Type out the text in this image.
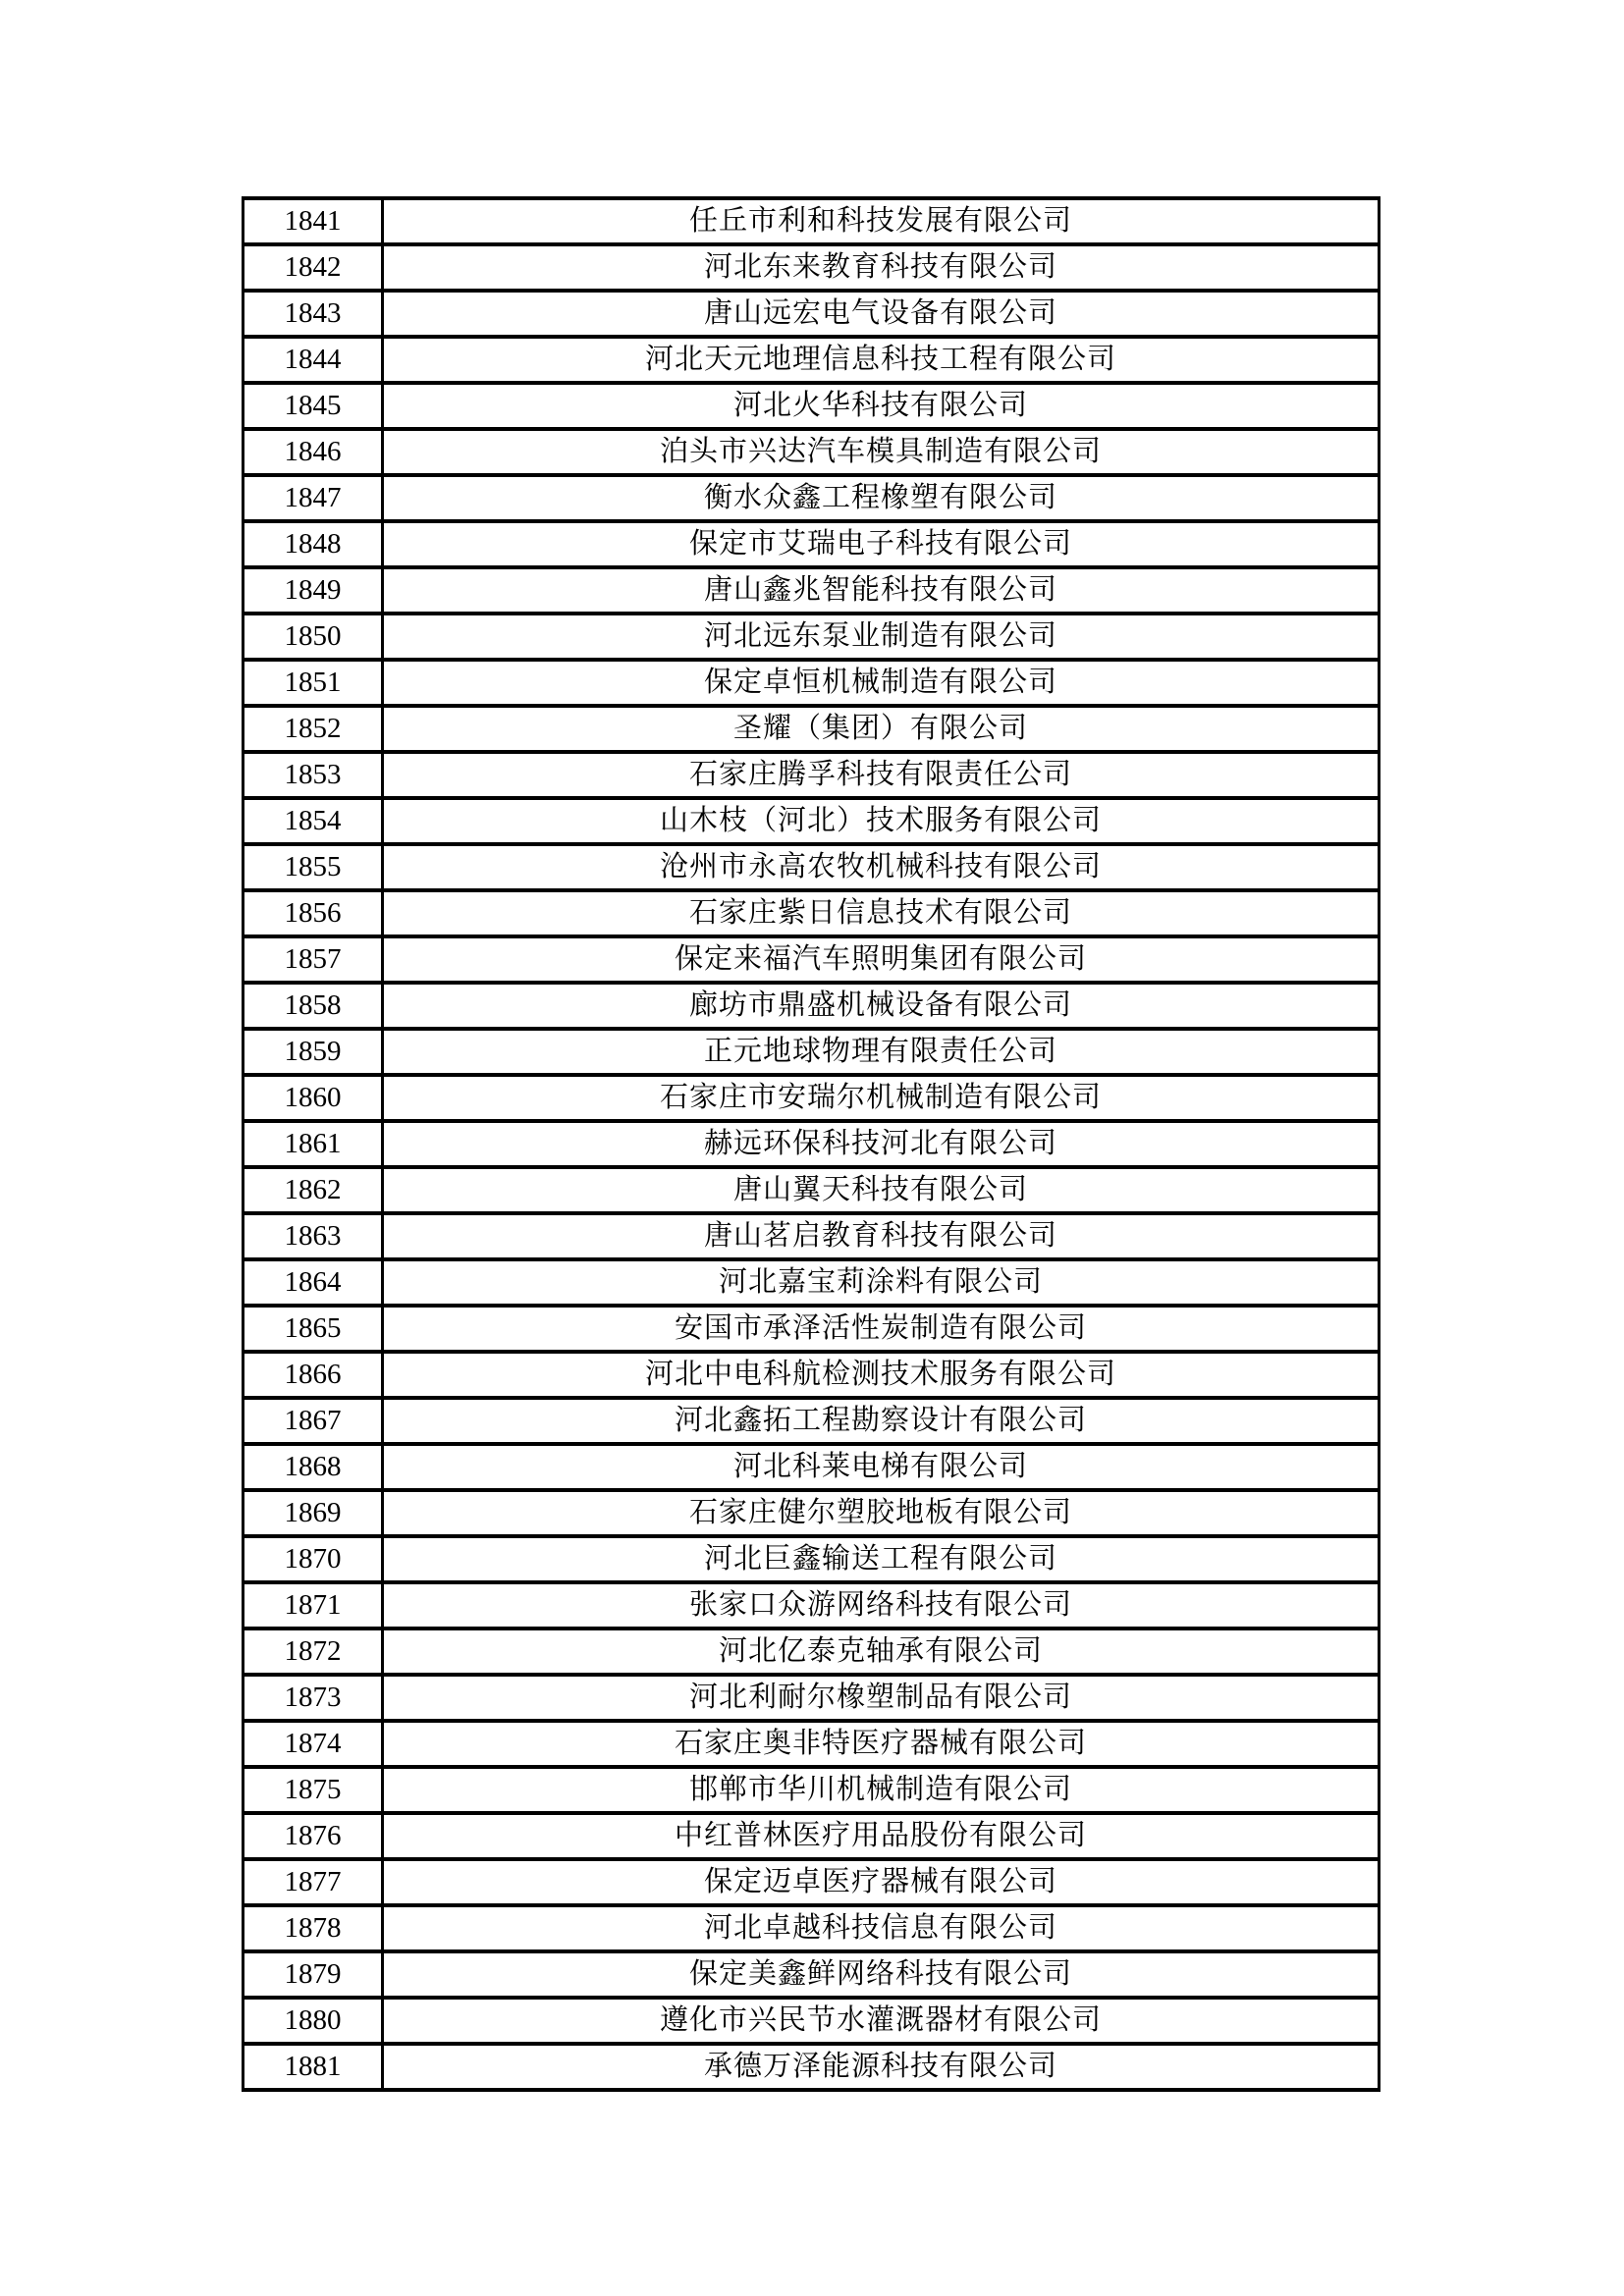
1841	任丘市利和科技发展有限公司
1842	河北东来教育科技有限公司
1843	唐山远宏电气设备有限公司
1844	河北天元地理信息科技工程有限公司
1845	河北火华科技有限公司
1846	泊头市兴达汽车模具制造有限公司
1847	衡水众鑫工程橡塑有限公司
1848	保定市艾瑞电子科技有限公司
1849	唐山鑫兆智能科技有限公司
1850	河北远东泵业制造有限公司
1851	保定卓恒机械制造有限公司
1852	圣耀（集团）有限公司
1853	石家庄腾孚科技有限责任公司
1854	山木枝（河北）技术服务有限公司
1855	沧州市永高农牧机械科技有限公司
1856	石家庄紫日信息技术有限公司
1857	保定来福汽车照明集团有限公司
1858	廊坊市鼎盛机械设备有限公司
1859	正元地球物理有限责任公司
1860	石家庄市安瑞尔机械制造有限公司
1861	赫远环保科技河北有限公司
1862	唐山翼天科技有限公司
1863	唐山茗启教育科技有限公司
1864	河北嘉宝莉涂料有限公司
1865	安国市承泽活性炭制造有限公司
1866	河北中电科航检测技术服务有限公司
1867	河北鑫拓工程勘察设计有限公司
1868	河北科莱电梯有限公司
1869	石家庄健尔塑胶地板有限公司
1870	河北巨鑫输送工程有限公司
1871	张家口众游网络科技有限公司
1872	河北亿泰克轴承有限公司
1873	河北利耐尔橡塑制品有限公司
1874	石家庄奥非特医疗器械有限公司
1875	邯郸市华川机械制造有限公司
1876	中红普林医疗用品股份有限公司
1877	保定迈卓医疗器械有限公司
1878	河北卓越科技信息有限公司
1879	保定美鑫鲜网络科技有限公司
1880	遵化市兴民节水灌溉器材有限公司
1881	承德万泽能源科技有限公司
